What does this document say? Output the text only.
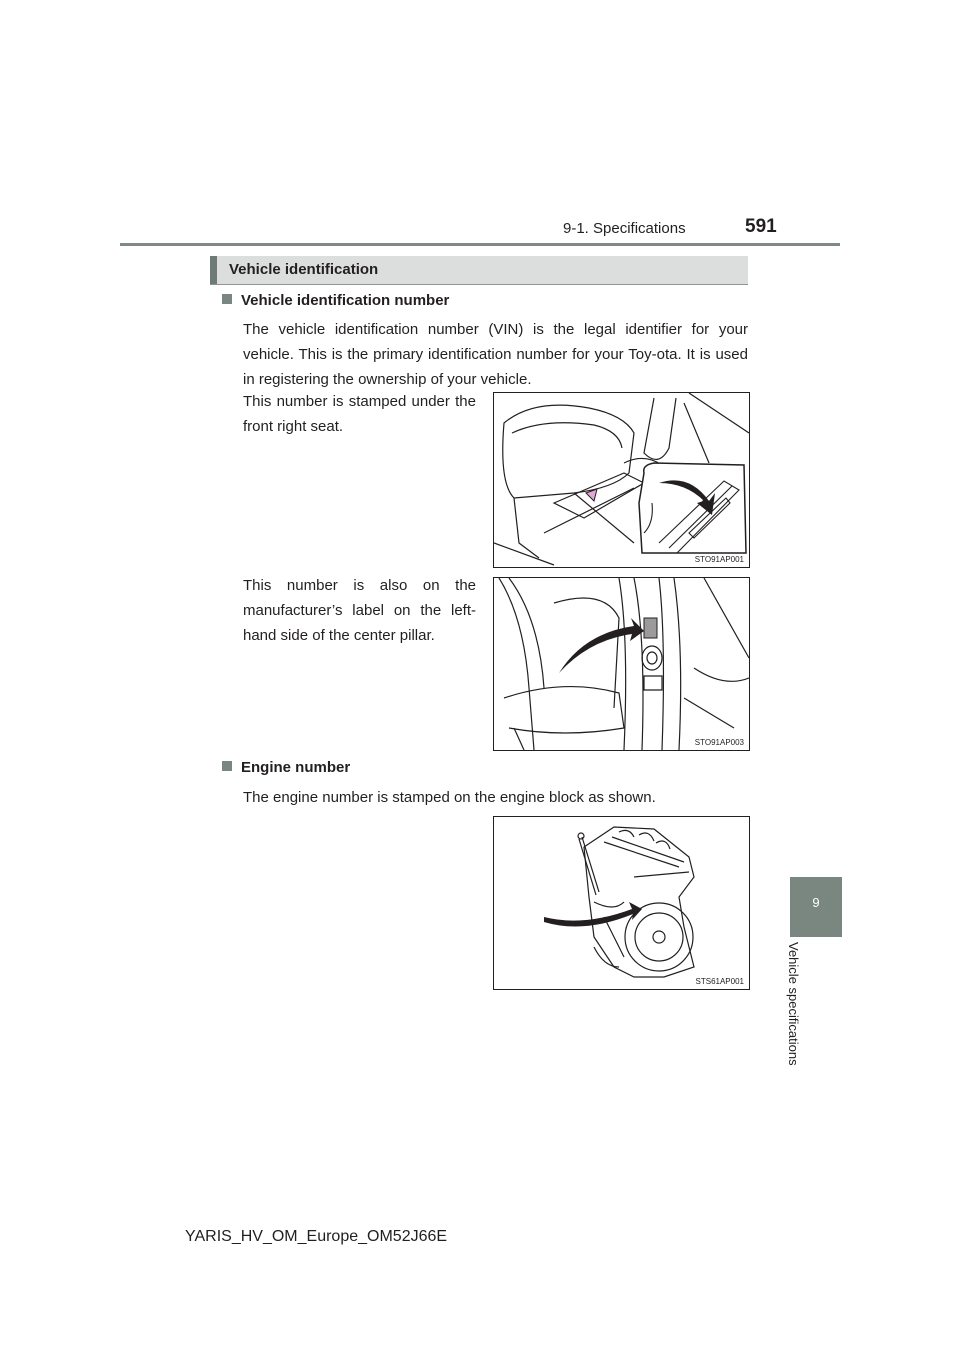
9-1. Specifications	591
9
Vehicle specifications
Vehicle identification
Vehicle identification number
The vehicle identification number (VIN) is the legal identifier for your vehicle. This is the primary identification number for your Toy-ota. It is used in registering the ownership of your vehicle.
This number is stamped under the front right seat.
STO91AP001
This number is also on the manufacturer’s label on the left-hand side of the center pillar.
STO91AP003
Engine number
The engine number is stamped on the engine block as shown.
STS61AP001
YARIS_HV_OM_Europe_OM52J66E
